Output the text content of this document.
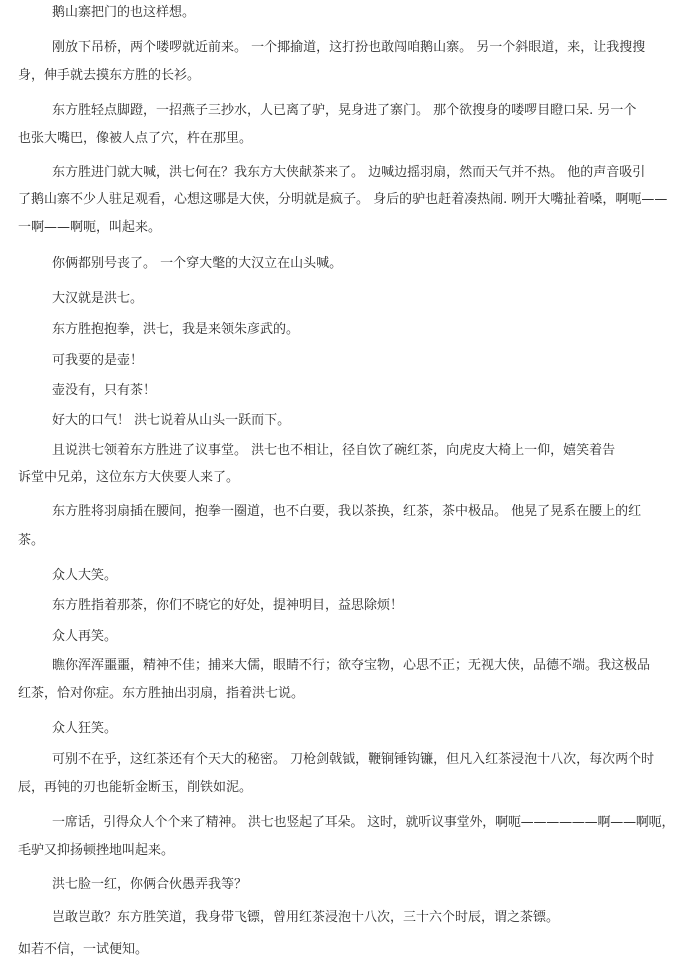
鹅山寨把门的也这样想。
刚放下吊桥，两个喽啰就近前来。 一个揶揄道，这打扮也敢闯咱鹅山寨。 另一个斜眼道，来，让我搜搜
身，伸手就去摸东方胜的长衫。
东方胜轻点脚蹬，一招燕子三抄水，人已离了驴，晃身进了寨门。 那个欲搜身的喽啰目瞪口呆. 另一个
也张大嘴巴，像被人点了穴，杵在那里。
东方胜进门就大喊，洪七何在？我东方大侠献茶来了。 边喊边摇羽扇，然而天气并不热。 他的声音吸引
了鹅山寨不少人驻足观看，心想这哪是大侠，分明就是疯子。 身后的驴也赶着凑热闹. 咧开大嘴扯着嗓，啊呃——
一啊——啊呃，叫起来。
你俩都别号丧了。 一个穿大氅的大汉立在山头喊。
大汉就是洪七。
东方胜抱抱拳，洪七，我是来领朱彦武的。
可我要的是壶！
壶没有，只有茶！
好大的口气！ 洪七说着从山头一跃而下。
且说洪七领着东方胜进了议事堂。 洪七也不相让，径自饮了碗红茶，向虎皮大椅上一仰，嬉笑着告
诉堂中兄弟，这位东方大侠要人来了。
东方胜将羽扇插在腰间，抱拳一圈道，也不白要，我以茶换，红茶，茶中极品。 他晃了晃系在腰上的红
茶。
众人大笑。
东方胜指着那茶，你们不晓它的好处，提神明目，益思除烦！
众人再笑。
瞧你浑浑噩噩，精神不佳；捕来大儒，眼睛不行；欲夺宝物，心思不正；无视大侠，品德不端。我这极品
红茶，恰对你症。东方胜抽出羽扇，指着洪七说。
众人狂笑。
可别不在乎，这红茶还有个天大的秘密。 刀枪剑戟钺，鞭锏锤钩镰，但凡入红茶浸泡十八次，每次两个时
辰，再钝的刃也能斩金断玉，削铁如泥。
一席话，引得众人个个来了精神。 洪七也竖起了耳朵。 这时，就听议事堂外，啊呃——————啊——啊呃，
毛驴又抑扬顿挫地叫起来。
洪七脸一红，你俩合伙愚弄我等？
岂敢岂敢？东方胜笑道，我身带飞镖，曾用红茶浸泡十八次，三十六个时辰，谓之茶镖。
如若不信，一试便知。
